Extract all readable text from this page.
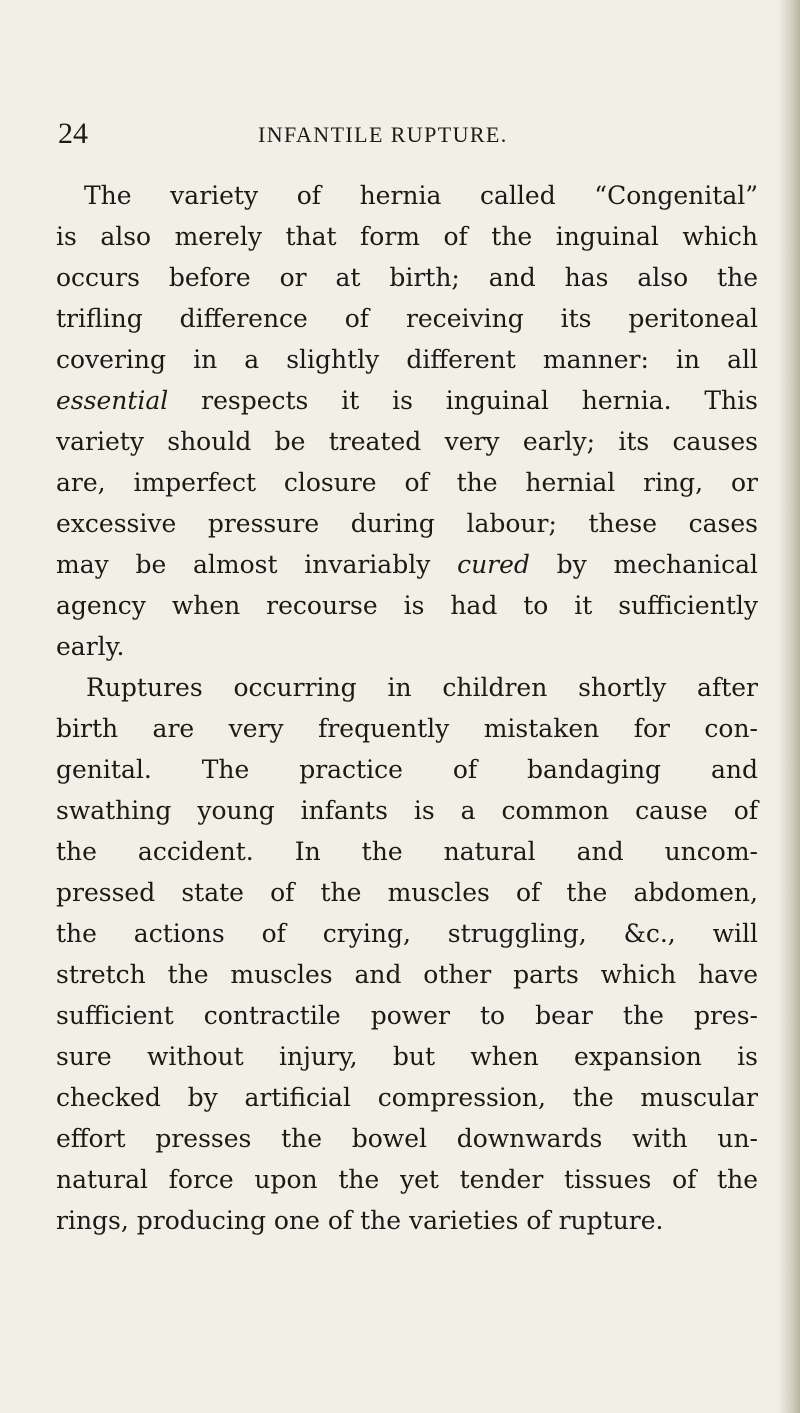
24	INFANTILE RUPTURE.
The variety of hernia called “Congenital”
is also merely that form of the inguinal which
occurs before or at birth; and has also the
trifling difference of receiving its peritoneal
covering in a slightly different manner: in all
essential respects it is inguinal hernia. This
variety should be treated very early; its causes
are, imperfect closure of the hernial ring, or
excessive pressure during labour; these cases
may be almost invariably cured by mechanical
agency when recourse is had to it sufficiently
early.
Ruptures occurring in children shortly after
birth are very frequently mistaken for con-
genital. The practice of bandaging and
swathing young infants is a common cause of
the accident. In the natural and uncom-
pressed state of the muscles of the abdomen,
the actions of crying, struggling, &c., will
stretch the muscles and other parts which have
sufficient contractile power to bear the pres-
sure without injury, but when expansion is
checked by artificial compression, the muscular
effort presses the bowel downwards with un-
natural force upon the yet tender tissues of the
rings, producing one of the varieties of rupture.
